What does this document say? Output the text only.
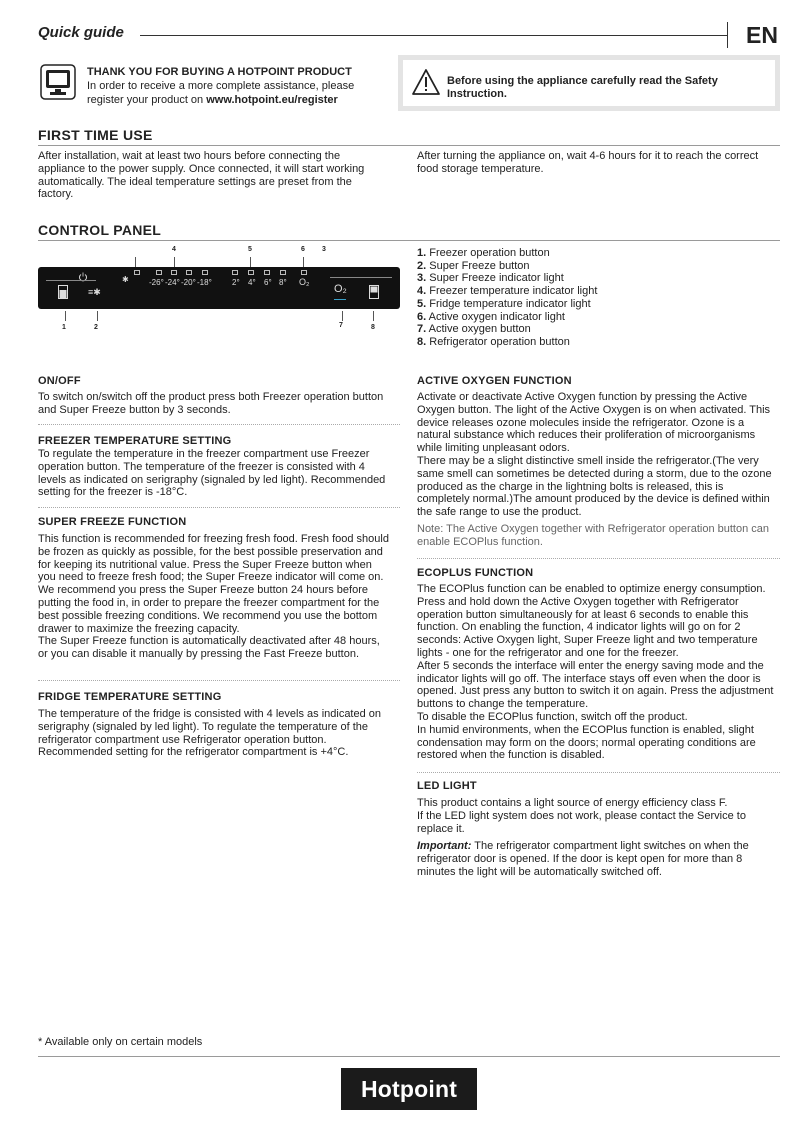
Quick guide	EN
THANK YOU FOR BUYING A HOTPOINT PRODUCT
In order to receive a more complete assistance, please
register your product on www.hotpoint.eu/register
Before using the appliance carefully read the Safety Instruction.
FIRST TIME USE
After installation, wait at least two hours before connecting the appliance to the power supply. Once connected, it will start working automatically. The ideal temperature settings are preset from the factory.
After turning the appliance on, wait 4-6 hours for it to reach the correct food storage temperature.
CONTROL PANEL
4	5	6 3
≡✱
✱	-26° -24° -20° -18°	2° 4° 6° 8° O₂
O₂
1	2	7	8
1. Freezer operation button
2. Super Freeze button
3. Super Freeze indicator light
4. Freezer temperature indicator light
5. Fridge temperature indicator light
6. Active oxygen indicator light
7. Active oxygen button
8. Refrigerator operation button
ON/OFF
To switch on/switch off the product press both Freezer operation button and Super Freeze button by 3 seconds.
FREEZER TEMPERATURE SETTING
To regulate the temperature in the freezer compartment use Freezer operation button. The temperature of the freezer is consisted with 4 levels as indicated on serigraphy (signaled by led light). Recommended setting for the freezer is -18°C.
SUPER FREEZE FUNCTION
This function is recommended for freezing fresh food. Fresh food should be frozen as quickly as possible, for the best possible preservation and for keeping its nutritional value. Press the Super Freeze button when you need to freeze fresh food; the Super Freeze indicator will come on.
We recommend you press the Super Freeze button 24 hours before putting the food in, in order to prepare the freezer compartment for the best possible freezing conditions. We recommend you use the bottom drawer to maximize the freezing capacity.
The Super Freeze function is automatically deactivated after 48 hours, or you can disable it manually by pressing the Fast Freeze button.
FRIDGE TEMPERATURE SETTING
The temperature of the fridge is consisted with 4 levels as indicated on serigraphy (signaled by led light). To regulate the temperature of the refrigerator compartment use Refrigerator operation button. Recommended setting for the refrigerator compartment is +4°C.
ACTIVE OXYGEN FUNCTION
Activate or deactivate Active Oxygen function by pressing the Active Oxygen button. The light of the Active Oxygen is on when activated. This device releases ozone molecules inside the refrigerator. Ozone is a natural substance which reduces their proliferation of microorganisms while limiting unpleasant odors.
There may be a slight distinctive smell inside the refrigerator.(The very same smell can sometimes be detected during a storm, due to the ozone produced as the charge in the lightning bolts is released, this is completely normal.)The amount produced by the device is defined within the safe range to use the product.
Note: The Active Oxygen together with Refrigerator operation button can enable ECOPlus function.
ECOPLUS FUNCTION
The ECOPlus function can be enabled to optimize energy consumption.
Press and hold down the Active Oxygen together with Refrigerator operation button simultaneously for at least 6 seconds to enable this function. On enabling the function, 4 indicator lights will go on for 2 seconds: Active Oxygen light, Super Freeze light and two temperature lights - one for the refrigerator and one for the freezer.
After 5 seconds the interface will enter the energy saving mode and the indicator lights will go off. The interface stays off even when the door is opened. Just press any button to switch it on again. Press the adjustment buttons to change the temperature.
To disable the ECOPlus function, switch off the product.
In humid environments, when the ECOPlus function is enabled, slight condensation may form on the doors; normal operating conditions are restored when the function is disabled.
LED LIGHT
This product contains a light source of energy efficiency class F.
If the LED light system does not work, please contact the Service to replace it.
Important: The refrigerator compartment light switches on when the refrigerator door is opened. If the door is kept open for more than 8 minutes the light will be automatically switched off.
* Available only on certain models
Hotpoint
